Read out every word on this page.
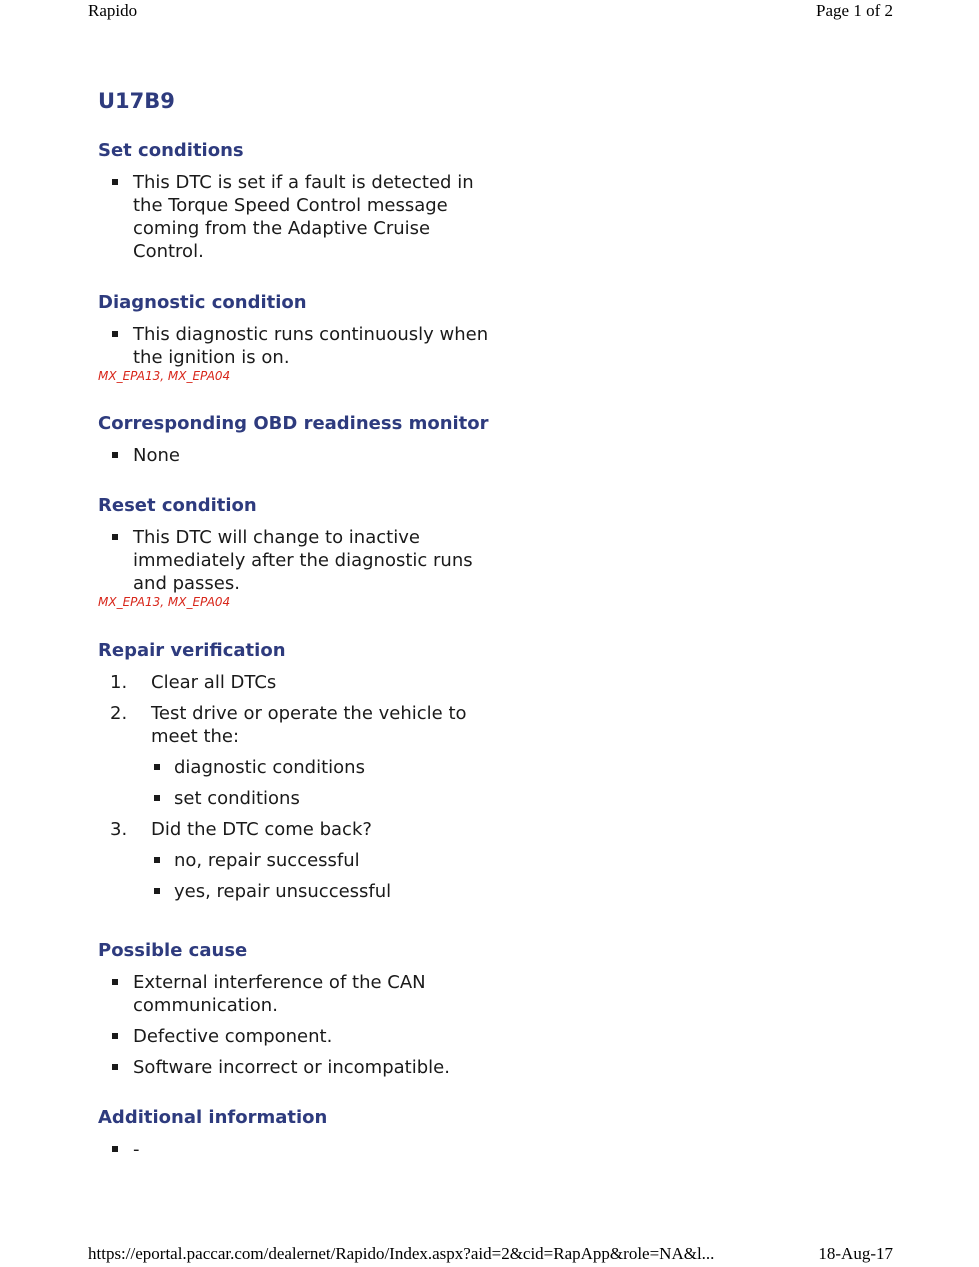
Rapido	Page 1 of 2
U17B9
Set conditions
This DTC is set if a fault is detected in the Torque Speed Control message coming from the Adaptive Cruise Control.
Diagnostic condition
This diagnostic runs continuously when the ignition is on.
MX_EPA13, MX_EPA04
Corresponding OBD readiness monitor
None
Reset condition
This DTC will change to inactive immediately after the diagnostic runs and passes.
MX_EPA13, MX_EPA04
Repair verification
1. Clear all DTCs
2. Test drive or operate the vehicle to meet the:
diagnostic conditions
set conditions
3. Did the DTC come back?
no, repair successful
yes, repair unsuccessful
Possible cause
External interference of the CAN communication.
Defective component.
Software incorrect or incompatible.
Additional information
-
https://eportal.paccar.com/dealernet/Rapido/Index.aspx?aid=2&cid=RapApp&role=NA&l...	18-Aug-17
